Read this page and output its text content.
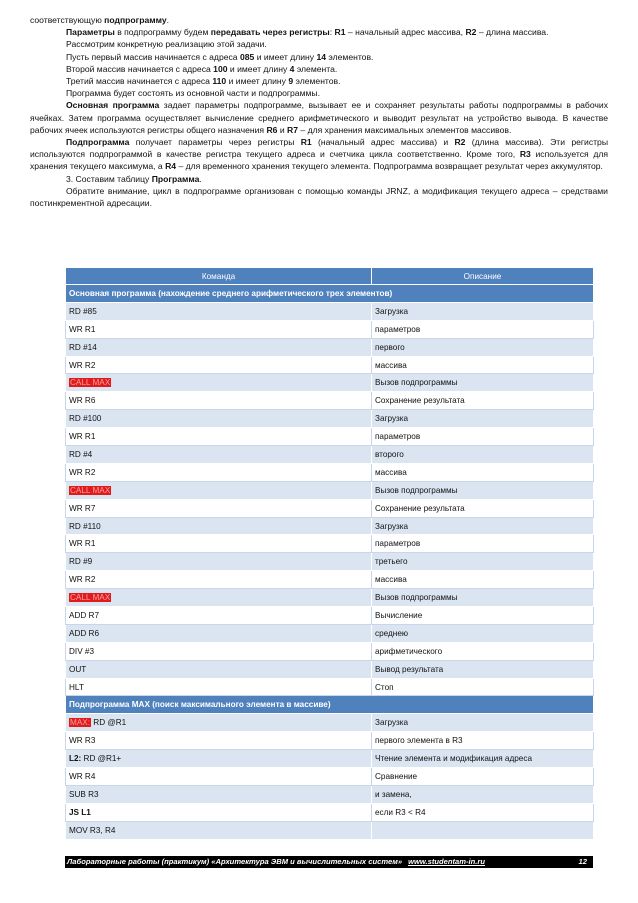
соответствующую подпрограмму.

Параметры в подпрограмму будем передавать через регистры: R1 – начальный адрес массива, R2 – длина массива.

Рассмотрим конкретную реализацию этой задачи.

Пусть первый массив начинается с адреса 085 и имеет длину 14 элементов.

Второй массив начинается с адреса 100 и имеет длину 4 элемента.

Третий массив начинается с адреса 110 и имеет длину 9 элементов.

Программа будет состоять из основной части и подпрограммы.

Основная программа задает параметры подпрограмме, вызывает ее и сохраняет результаты работы подпрограммы в рабочих ячейках. Затем программа осуществляет вычисление среднего арифметического и выводит результат на устройство вывода. В качестве рабочих ячеек используются регистры общего назначения R6 и R7 – для хранения максимальных элементов массивов.

Подпрограмма получает параметры через регистры R1 (начальный адрес массива) и R2 (длина массива). Эти регистры используются подпрограммой в качестве регистра текущего адреса и счетчика цикла соответственно. Кроме того, R3 используется для хранения текущего максимума, а R4 – для временного хранения текущего элемента. Подпрограмма возвращает результат через аккумулятор.

3. Составим таблицу Программа.

Обратите внимание, цикл в подпрограмме организован с помощью команды JRNZ, а модификация текущего адреса – средствами постинкрементной адресации.

Команда	Описание
Основная программа (нахождение среднего арифметического трех элементов)	
RD #85	Загрузка
WR R1	параметров
RD #14	первого
WR R2	массива
CALL MAX	Вызов подпрограммы
WR R6	Сохранение результата
RD #100	Загрузка
WR R1	параметров
RD #4	второго
WR R2	массива
CALL MAX	Вызов подпрограммы
WR R7	Сохранение результата
RD #110	Загрузка
WR R1	параметров
RD #9	третьего
WR R2	массива
CALL MAX	Вызов подпрограммы
ADD R7	Вычисление
ADD R6	среднею
DIV #3	арифметического
OUT	Вывод результата
HLT	Стоп
Подпрограмма MAX (поиск максимального элемента в массиве)	
MAX: RD @R1	Загрузка
WR R3	первого элемента в R3
L2: RD @R1+	Чтение элемента и модификация адреса
WR R4	Сравнение
SUB R3	и замена,
JS L1	если R3 < R4
MOV R3, R4	
Лабораторные работы (практикум) «Архитектура ЭВМ и вычислительных систем» www.studentam-in.ru	12
